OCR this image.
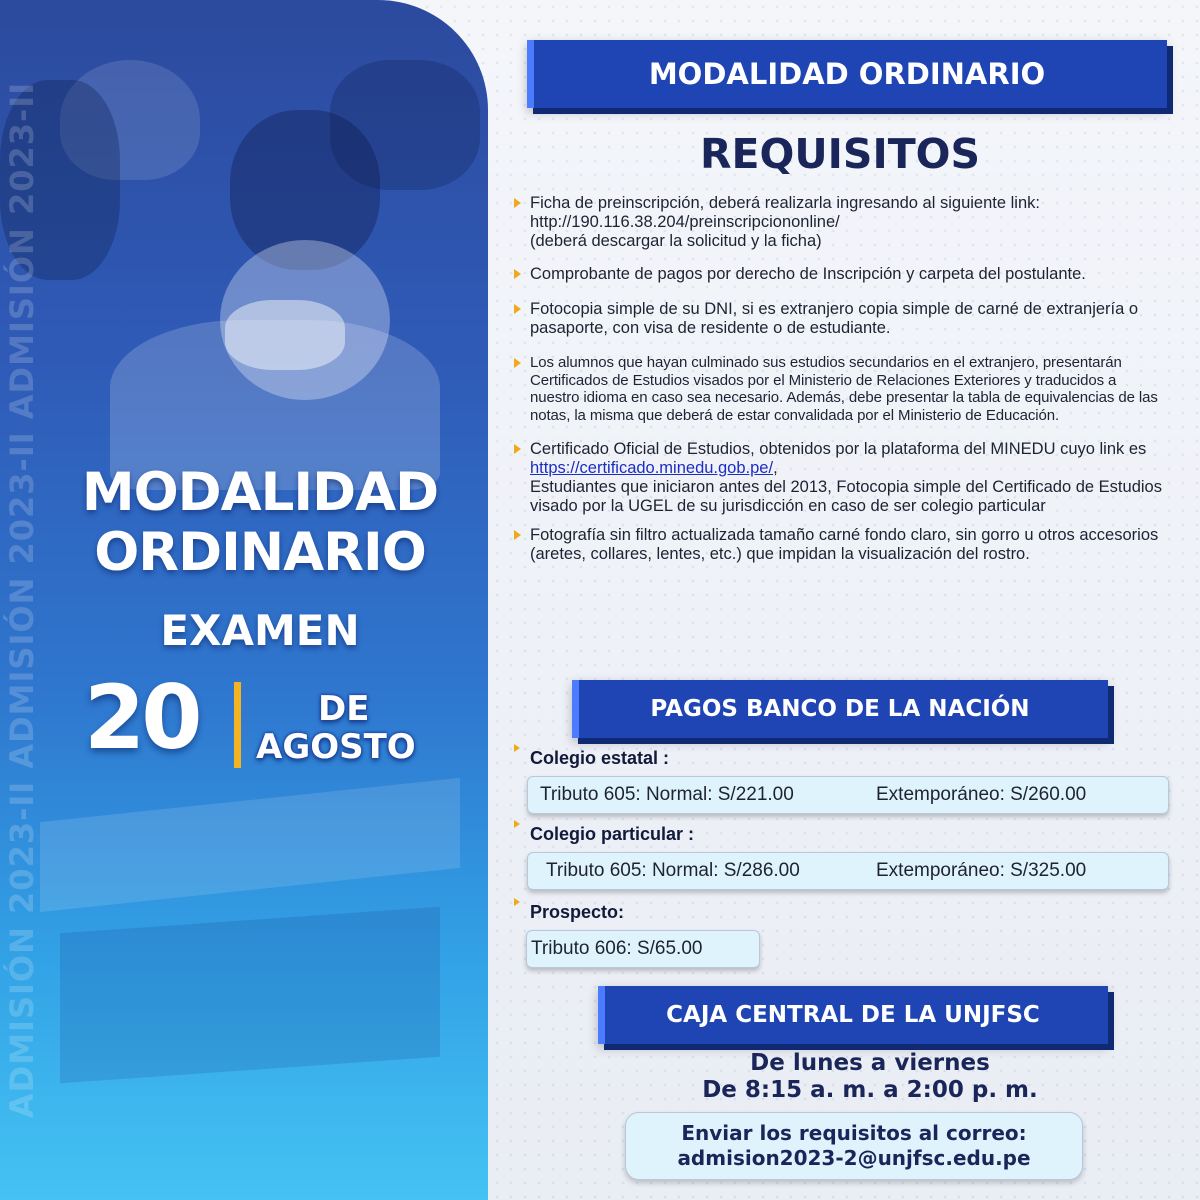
ADMISIÓN 2023-II ADMISIÓN 2023-II ADMISIÓN 2023-II MODALIDAD
ORDINARIO
EXAMEN
20	DE
AGOSTO
MODALIDAD ORDINARIO
REQUISITOS
Ficha de preinscripción, deberá realizarla ingresando al siguiente link:
http://190.116.38.204/preinscripciononline/
(deberá descargar la solicitud y la ficha)
Comprobante de pagos por derecho de Inscripción y carpeta del postulante.
Fotocopia simple de su DNI, si es extranjero copia simple de carné de extranjería o pasaporte, con visa de residente o de estudiante.
Los alumnos que hayan culminado sus estudios secundarios en el extranjero, presentarán Certificados de Estudios visados por el Ministerio de Relaciones Exteriores y traducidos a nuestro idioma en caso sea necesario. Además, debe presentar la tabla de equivalencias de las notas, la misma que deberá de estar convalidada por el Ministerio de Educación.
Certificado Oficial de Estudios, obtenidos por la plataforma del MINEDU cuyo link es https://certificado.minedu.gob.pe/,
Estudiantes que iniciaron antes del 2013, Fotocopia simple del Certificado de Estudios visado por la UGEL de su jurisdicción en caso de ser colegio particular
Fotografía sin filtro actualizada tamaño carné fondo claro, sin gorro u otros accesorios (aretes, collares, lentes, etc.) que impidan la visualización del rostro.
PAGOS BANCO DE LA NACIÓN
Colegio estatal :
Tributo 605: Normal: S/221.00	Extemporáneo: S/260.00
Colegio particular :
Tributo 605: Normal: S/286.00	Extemporáneo: S/325.00
Prospecto:
Tributo 606: S/65.00
CAJA CENTRAL DE LA UNJFSC
De lunes a viernes
De 8:15 a. m. a 2:00 p. m.
Enviar los requisitos al correo:
admision2023-2@unjfsc.edu.pe
